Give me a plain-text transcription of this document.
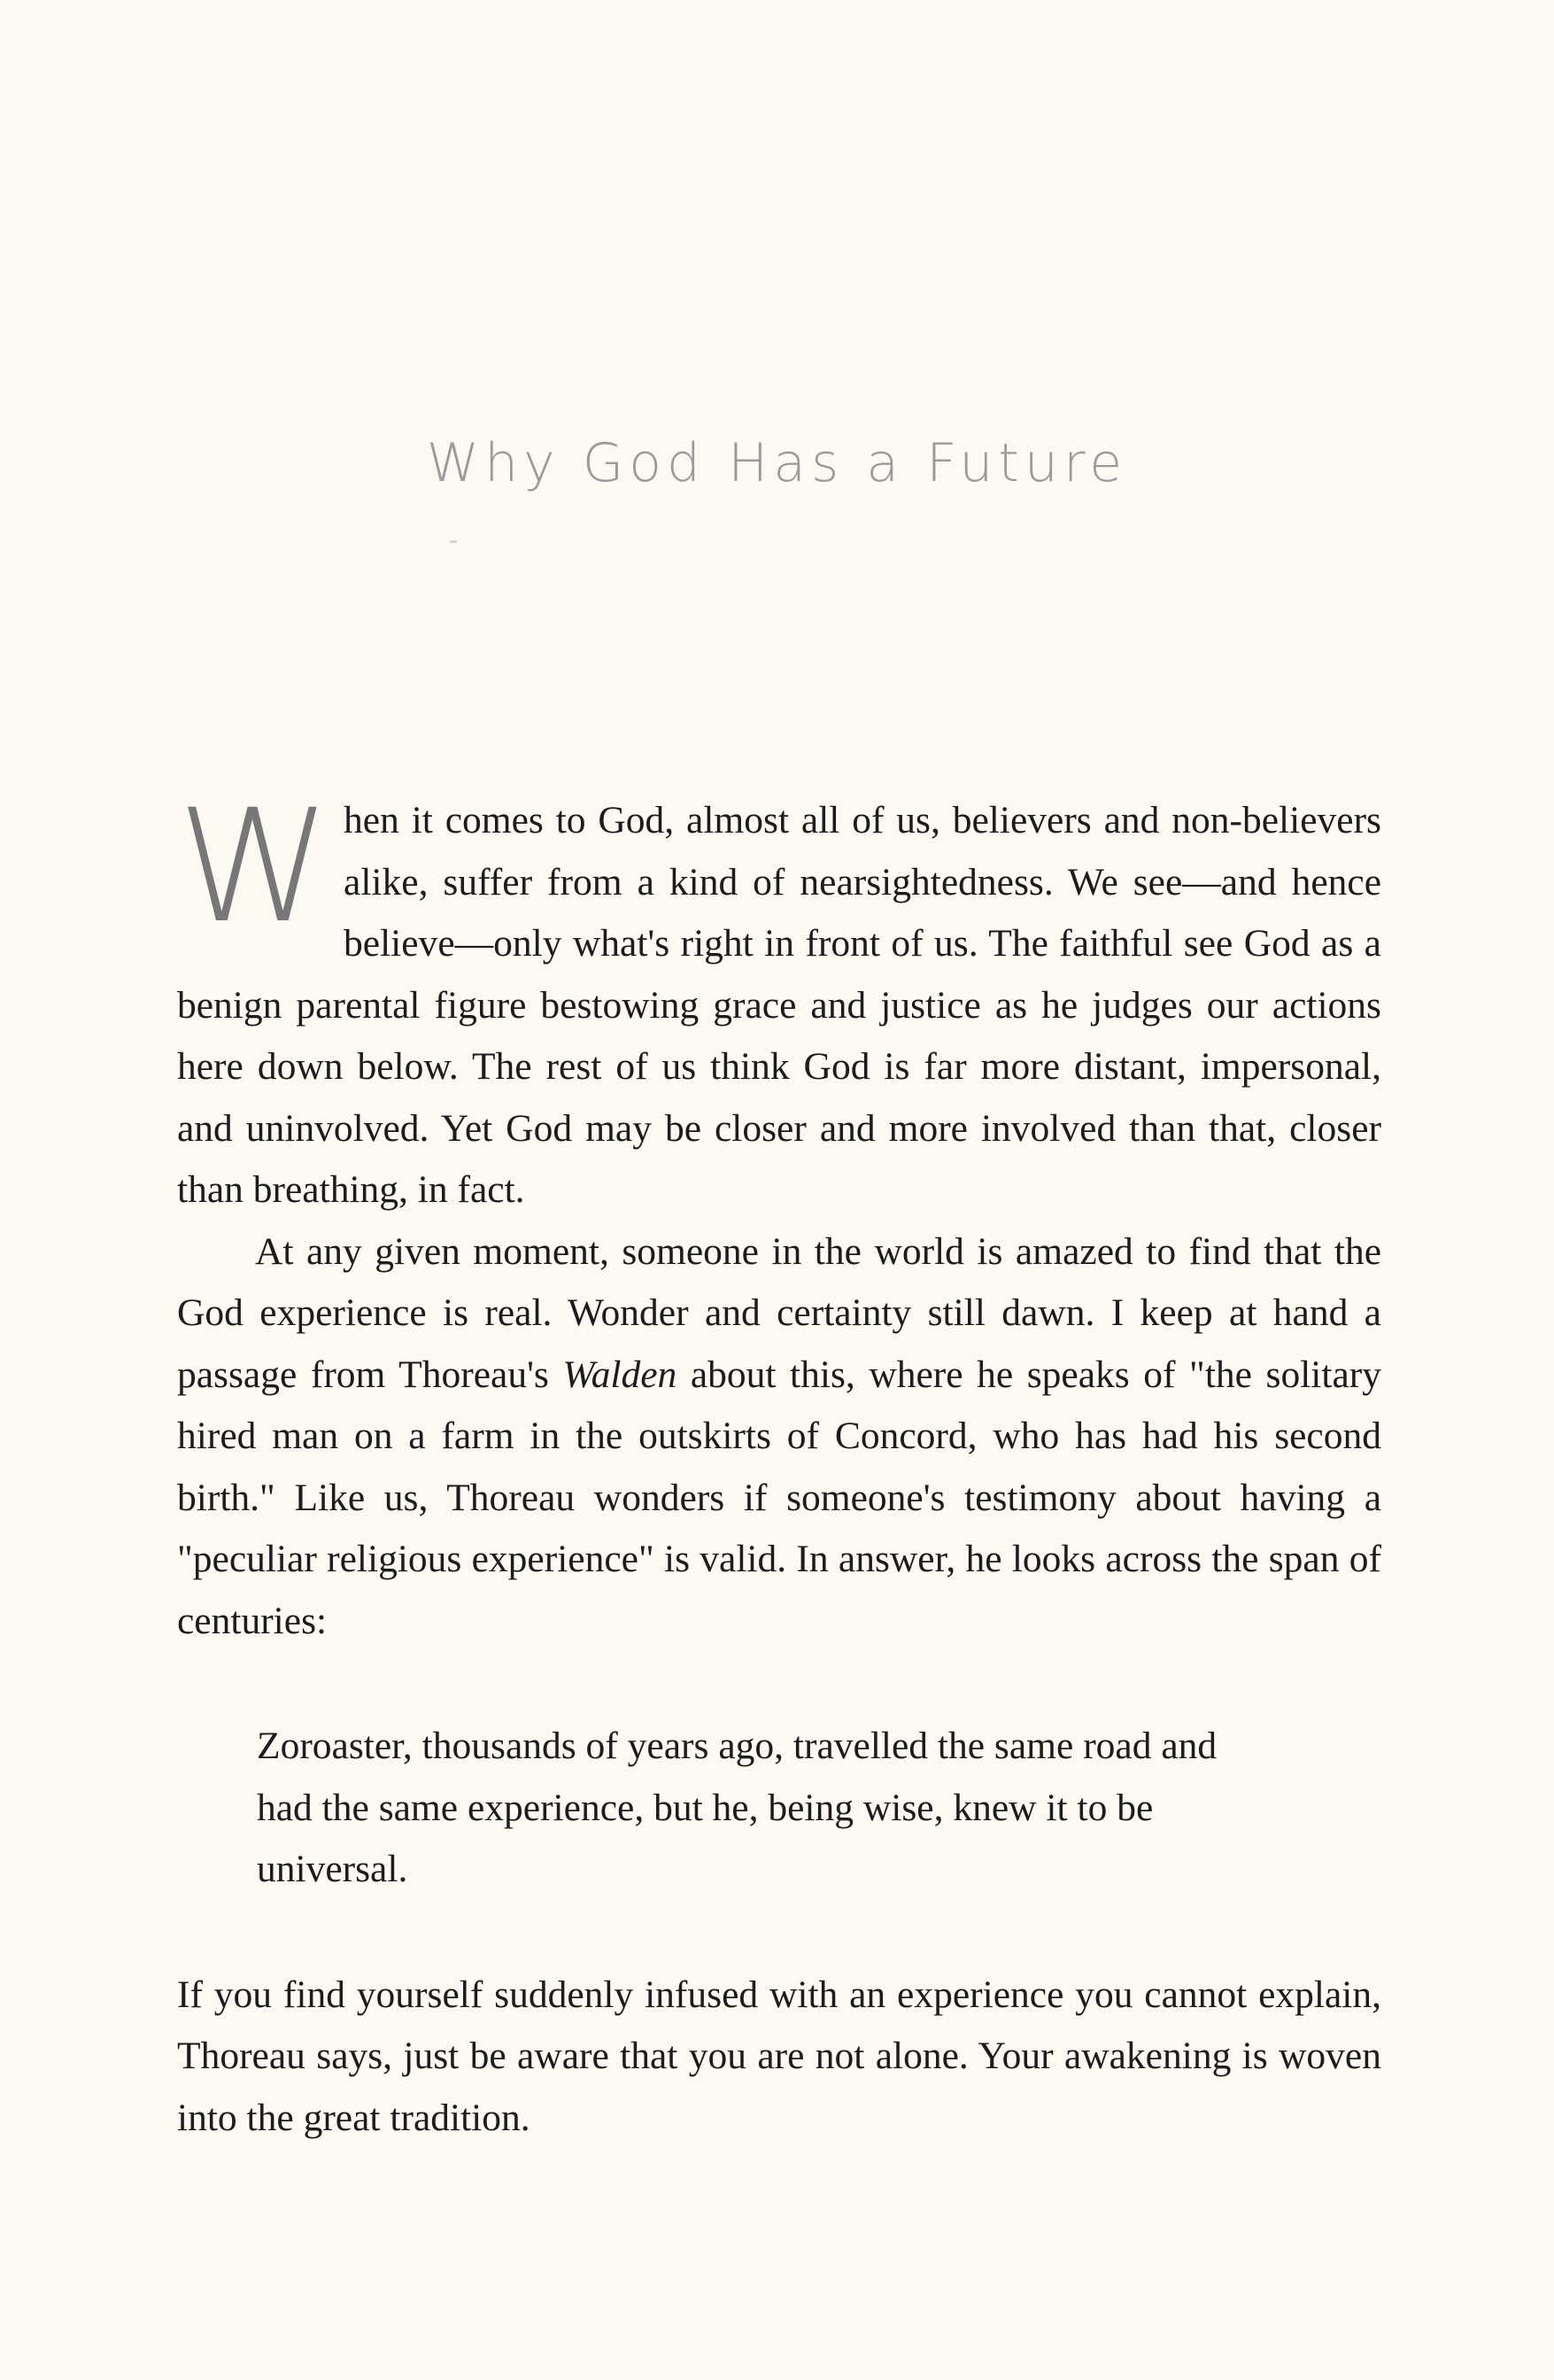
Why God Has a Future

When it comes to God, almost all of us, believers and non-believers alike, suffer from a kind of nearsightedness. We see—and hence believe—only what's right in front of us. The faithful see God as a benign parental figure bestowing grace and justice as he judges our actions here down below. The rest of us think God is far more distant, impersonal, and uninvolved. Yet God may be closer and more involved than that, closer than breathing, in fact.

At any given moment, someone in the world is amazed to find that the God experience is real. Wonder and certainty still dawn. I keep at hand a passage from Thoreau's Walden about this, where he speaks of "the solitary hired man on a farm in the outskirts of Concord, who has had his second birth." Like us, Thoreau wonders if someone's testimony about having a "peculiar religious experience" is valid. In answer, he looks across the span of centuries:

Zoroaster, thousands of years ago, travelled the same road and had the same experience, but he, being wise, knew it to be universal.

If you find yourself suddenly infused with an experience you cannot explain, Thoreau says, just be aware that you are not alone. Your awakening is woven into the great tradition.
